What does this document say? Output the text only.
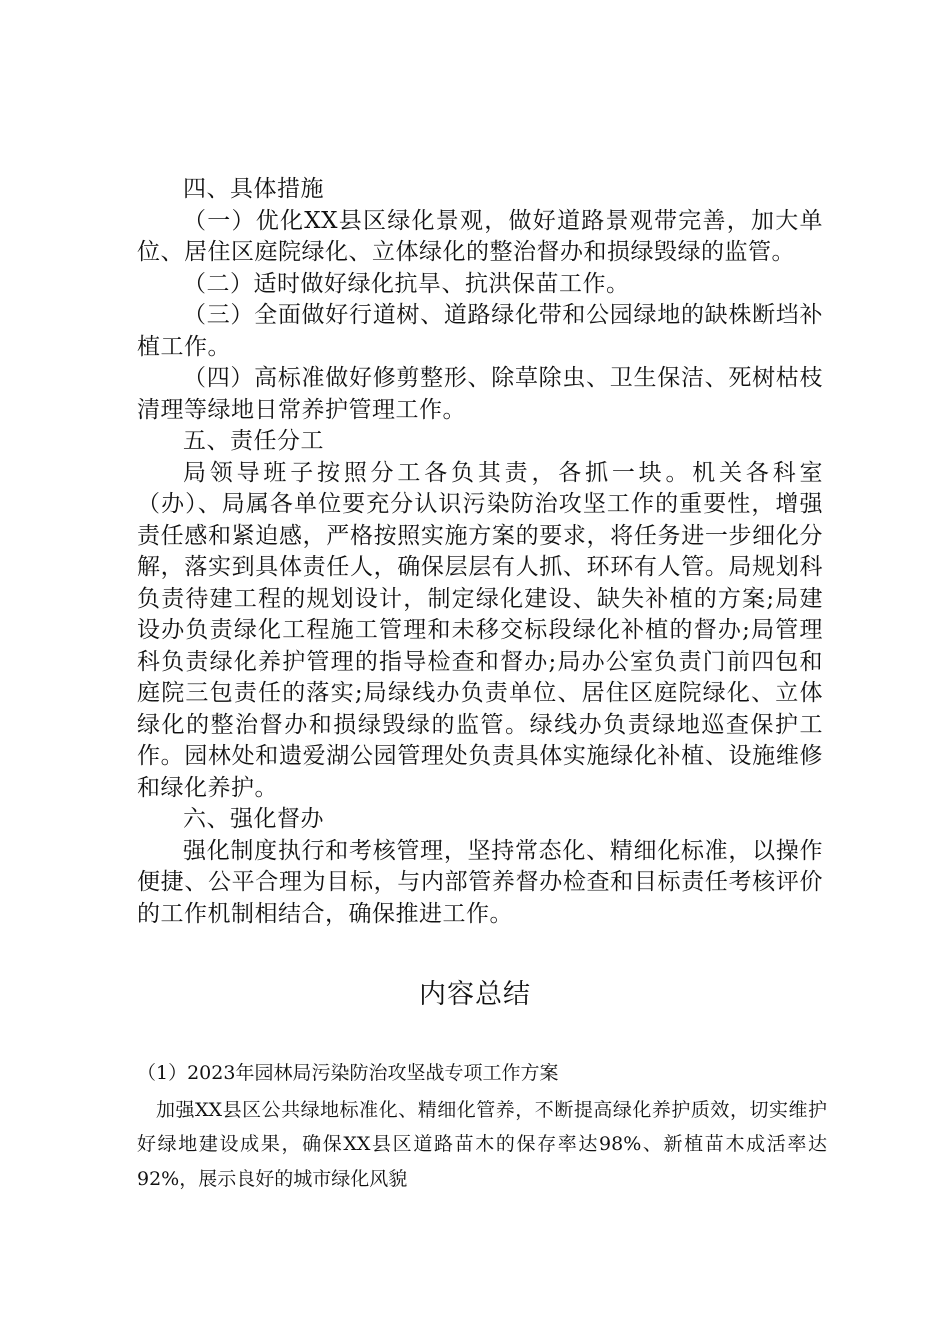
四、具体措施

（一）优化XX县区绿化景观，做好道路景观带完善，加大单位、居住区庭院绿化、立体绿化的整治督办和损绿毁绿的监管。

（二）适时做好绿化抗旱、抗洪保苗工作。

（三）全面做好行道树、道路绿化带和公园绿地的缺株断垱补植工作。

（四）高标准做好修剪整形、除草除虫、卫生保洁、死树枯枝清理等绿地日常养护管理工作。

五、责任分工

局领导班子按照分工各负其责，各抓一块。机关各科室（办）、局属各单位要充分认识污染防治攻坚工作的重要性，增强责任感和紧迫感，严格按照实施方案的要求，将任务进一步细化分解，落实到具体责任人，确保层层有人抓、环环有人管。局规划科负责待建工程的规划设计，制定绿化建设、缺失补植的方案;局建设办负责绿化工程施工管理和未移交标段绿化补植的督办;局管理科负责绿化养护管理的指导检查和督办;局办公室负责门前四包和庭院三包责任的落实;局绿线办负责单位、居住区庭院绿化、立体绿化的整治督办和损绿毁绿的监管。绿线办负责绿地巡查保护工作。园林处和遗爱湖公园管理处负责具体实施绿化补植、设施维修和绿化养护。

六、强化督办

强化制度执行和考核管理，坚持常态化、精细化标准，以操作便捷、公平合理为目标，与内部管养督办检查和目标责任考核评价的工作机制相结合，确保推进工作。

内容总结

（1）2023年园林局污染防治攻坚战专项工作方案

加强XX县区公共绿地标准化、精细化管养，不断提高绿化养护质效，切实维护好绿地建设成果，确保XX县区道路苗木的保存率达98%、新植苗木成活率达92%，展示良好的城市绿化风貌
